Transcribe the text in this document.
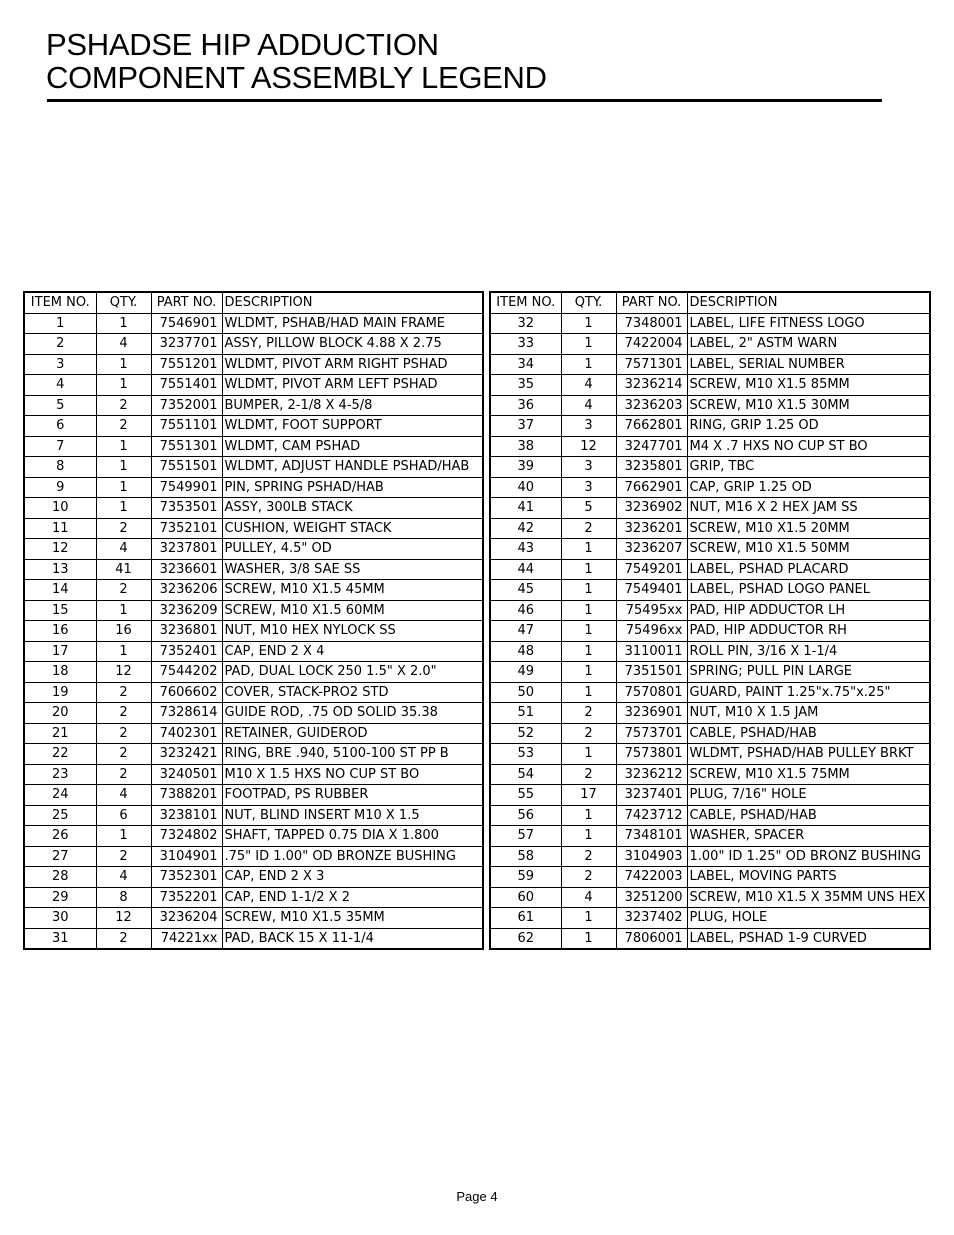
PSHADSE HIP ADDUCTION
COMPONENT ASSEMBLY LEGEND
ITEM NO.	QTY.	PART NO.	DESCRIPTION
1	1	7546901	WLDMT, PSHAB/HAD MAIN FRAME
2	4	3237701	ASSY, PILLOW BLOCK 4.88 X 2.75
3	1	7551201	WLDMT, PIVOT ARM RIGHT PSHAD
4	1	7551401	WLDMT, PIVOT ARM LEFT PSHAD
5	2	7352001	BUMPER, 2-1/8 X 4-5/8
6	2	7551101	WLDMT, FOOT SUPPORT
7	1	7551301	WLDMT, CAM PSHAD
8	1	7551501	WLDMT, ADJUST HANDLE PSHAD/HAB
9	1	7549901	PIN, SPRING PSHAD/HAB
10	1	7353501	ASSY, 300LB STACK
11	2	7352101	CUSHION, WEIGHT STACK
12	4	3237801	PULLEY, 4.5" OD
13	41	3236601	WASHER, 3/8 SAE SS
14	2	3236206	SCREW, M10 X1.5 45MM
15	1	3236209	SCREW, M10 X1.5 60MM
16	16	3236801	NUT, M10 HEX NYLOCK SS
17	1	7352401	CAP, END 2 X 4
18	12	7544202	PAD, DUAL LOCK 250 1.5" X 2.0"
19	2	7606602	COVER, STACK-PRO2 STD
20	2	7328614	GUIDE ROD, .75 OD SOLID 35.38
21	2	7402301	RETAINER, GUIDEROD
22	2	3232421	RING, BRE .940, 5100-100 ST PP B
23	2	3240501	M10 X 1.5 HXS NO CUP ST BO
24	4	7388201	FOOTPAD, PS RUBBER
25	6	3238101	NUT, BLIND INSERT M10 X 1.5
26	1	7324802	SHAFT, TAPPED 0.75 DIA X 1.800
27	2	3104901	.75" ID 1.00" OD BRONZE BUSHING
28	4	7352301	CAP, END 2 X 3
29	8	7352201	CAP, END 1-1/2 X 2
30	12	3236204	SCREW, M10 X1.5 35MM
31	2	74221xx	PAD, BACK 15 X 11-1/4
ITEM NO.	QTY.	PART NO.	DESCRIPTION
32	1	7348001	LABEL, LIFE FITNESS LOGO
33	1	7422004	LABEL, 2" ASTM WARN
34	1	7571301	LABEL, SERIAL NUMBER
35	4	3236214	SCREW, M10 X1.5 85MM
36	4	3236203	SCREW, M10 X1.5 30MM
37	3	7662801	RING, GRIP 1.25 OD
38	12	3247701	M4 X .7 HXS NO CUP ST BO
39	3	3235801	GRIP, TBC
40	3	7662901	CAP, GRIP 1.25 OD
41	5	3236902	NUT, M16 X 2 HEX JAM SS
42	2	3236201	SCREW, M10 X1.5 20MM
43	1	3236207	SCREW, M10 X1.5 50MM
44	1	7549201	LABEL, PSHAD PLACARD
45	1	7549401	LABEL, PSHAD LOGO PANEL
46	1	75495xx	PAD, HIP ADDUCTOR LH
47	1	75496xx	PAD, HIP ADDUCTOR RH
48	1	3110011	ROLL PIN, 3/16 X 1-1/4
49	1	7351501	SPRING; PULL PIN LARGE
50	1	7570801	GUARD, PAINT 1.25"x.75"x.25"
51	2	3236901	NUT, M10 X 1.5 JAM
52	2	7573701	CABLE, PSHAD/HAB
53	1	7573801	WLDMT, PSHAD/HAB PULLEY BRKT
54	2	3236212	SCREW, M10 X1.5 75MM
55	17	3237401	PLUG, 7/16" HOLE
56	1	7423712	CABLE, PSHAD/HAB
57	1	7348101	WASHER, SPACER
58	2	3104903	1.00" ID 1.25" OD BRONZ BUSHING
59	2	7422003	LABEL, MOVING PARTS
60	4	3251200	SCREW, M10 X1.5 X 35MM UNS HEX
61	1	3237402	PLUG, HOLE
62	1	7806001	LABEL, PSHAD 1-9 CURVED
Page 4
